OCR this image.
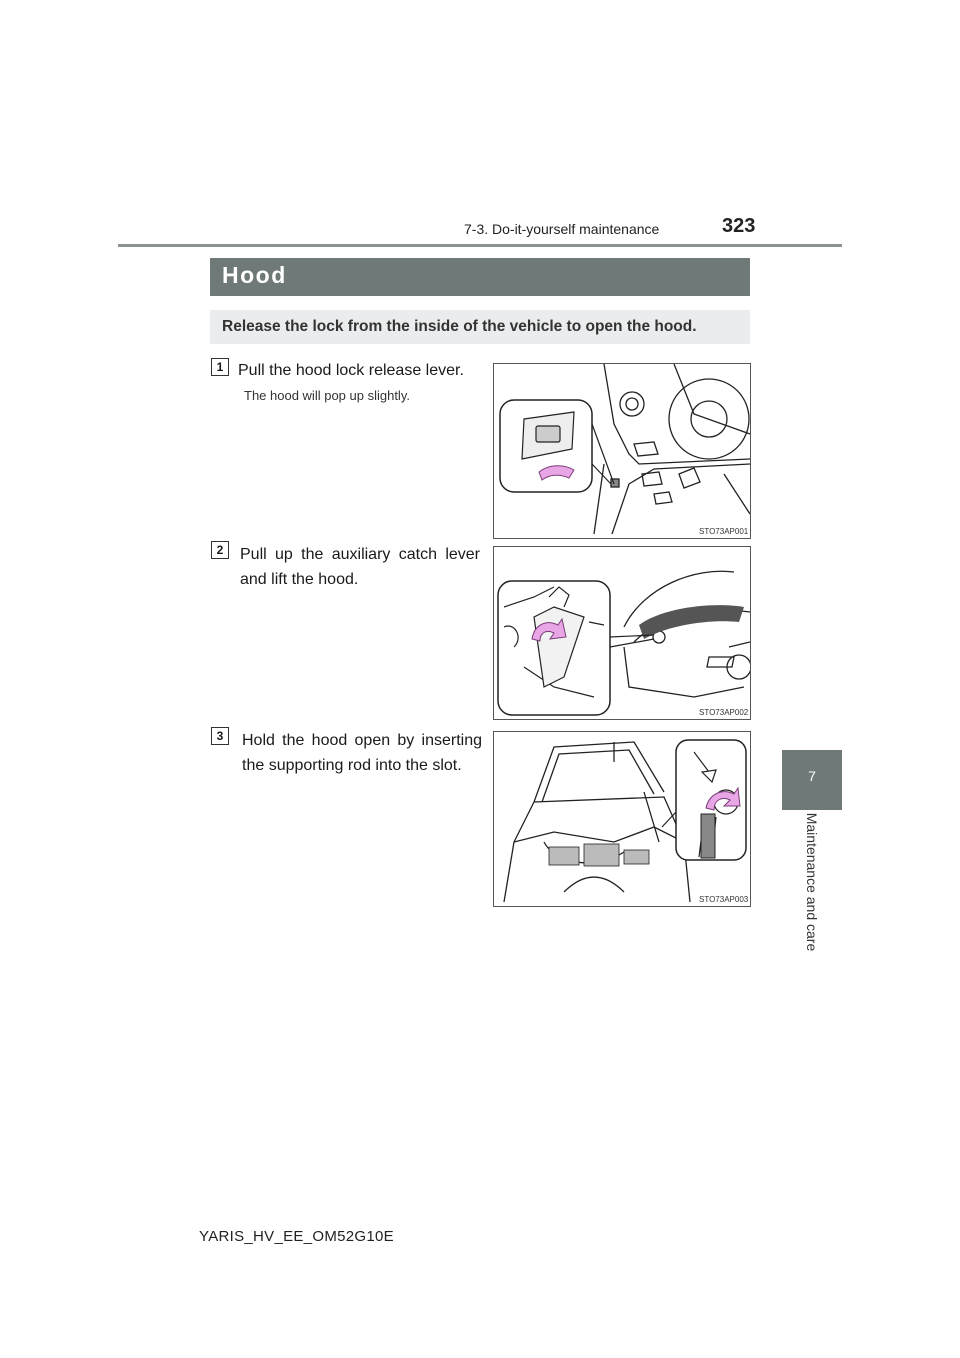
7-3. Do-it-yourself maintenance	323
7
Maintenance and care
Hood
Release the lock from the inside of the vehicle to open the hood.
1 Pull the hood lock release lever.
The hood will pop up slightly.
STO73AP001
2	Pull up the auxiliary catch lever and lift the hood.
STO73AP002
3	Hold the hood open by inserting the supporting rod into the slot.
STO73AP003
YARIS_HV_EE_OM52G10E
